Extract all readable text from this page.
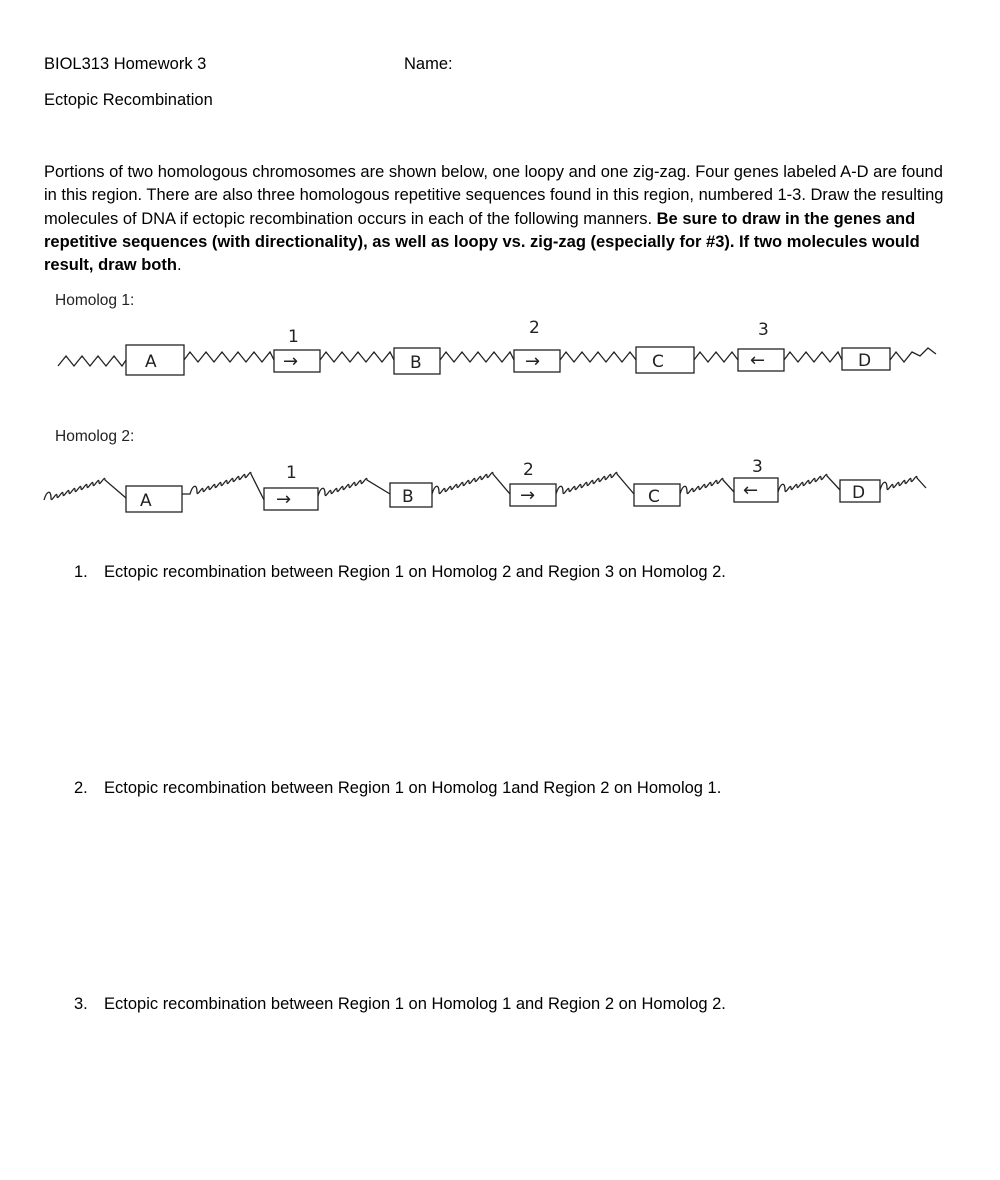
BIOL313 Homework 3	Name:
Ectopic Recombination
Portions of two homologous chromosomes are shown below, one loopy and one zig-zag. Four genes labeled A-D are found in this region. There are also three homologous repetitive sequences found in this region, numbered 1-3. Draw the resulting molecules of DNA if ectopic recombination occurs in each of the following manners. Be sure to draw in the genes and repetitive sequences (with directionality), as well as loopy vs. zig-zag (especially for #3). If two molecules would result, draw both.
Homolog 1:
Homolog 2:
A	→
1
B	→
2
C	←
3
D
A	→
1
B	→
2
C	←
3
D
1. Ectopic recombination between Region 1 on Homolog 2 and Region 3 on Homolog 2.
2. Ectopic recombination between Region 1 on Homolog 1and Region 2 on Homolog 1.
3. Ectopic recombination between Region 1 on Homolog 1 and Region 2 on Homolog 2.
